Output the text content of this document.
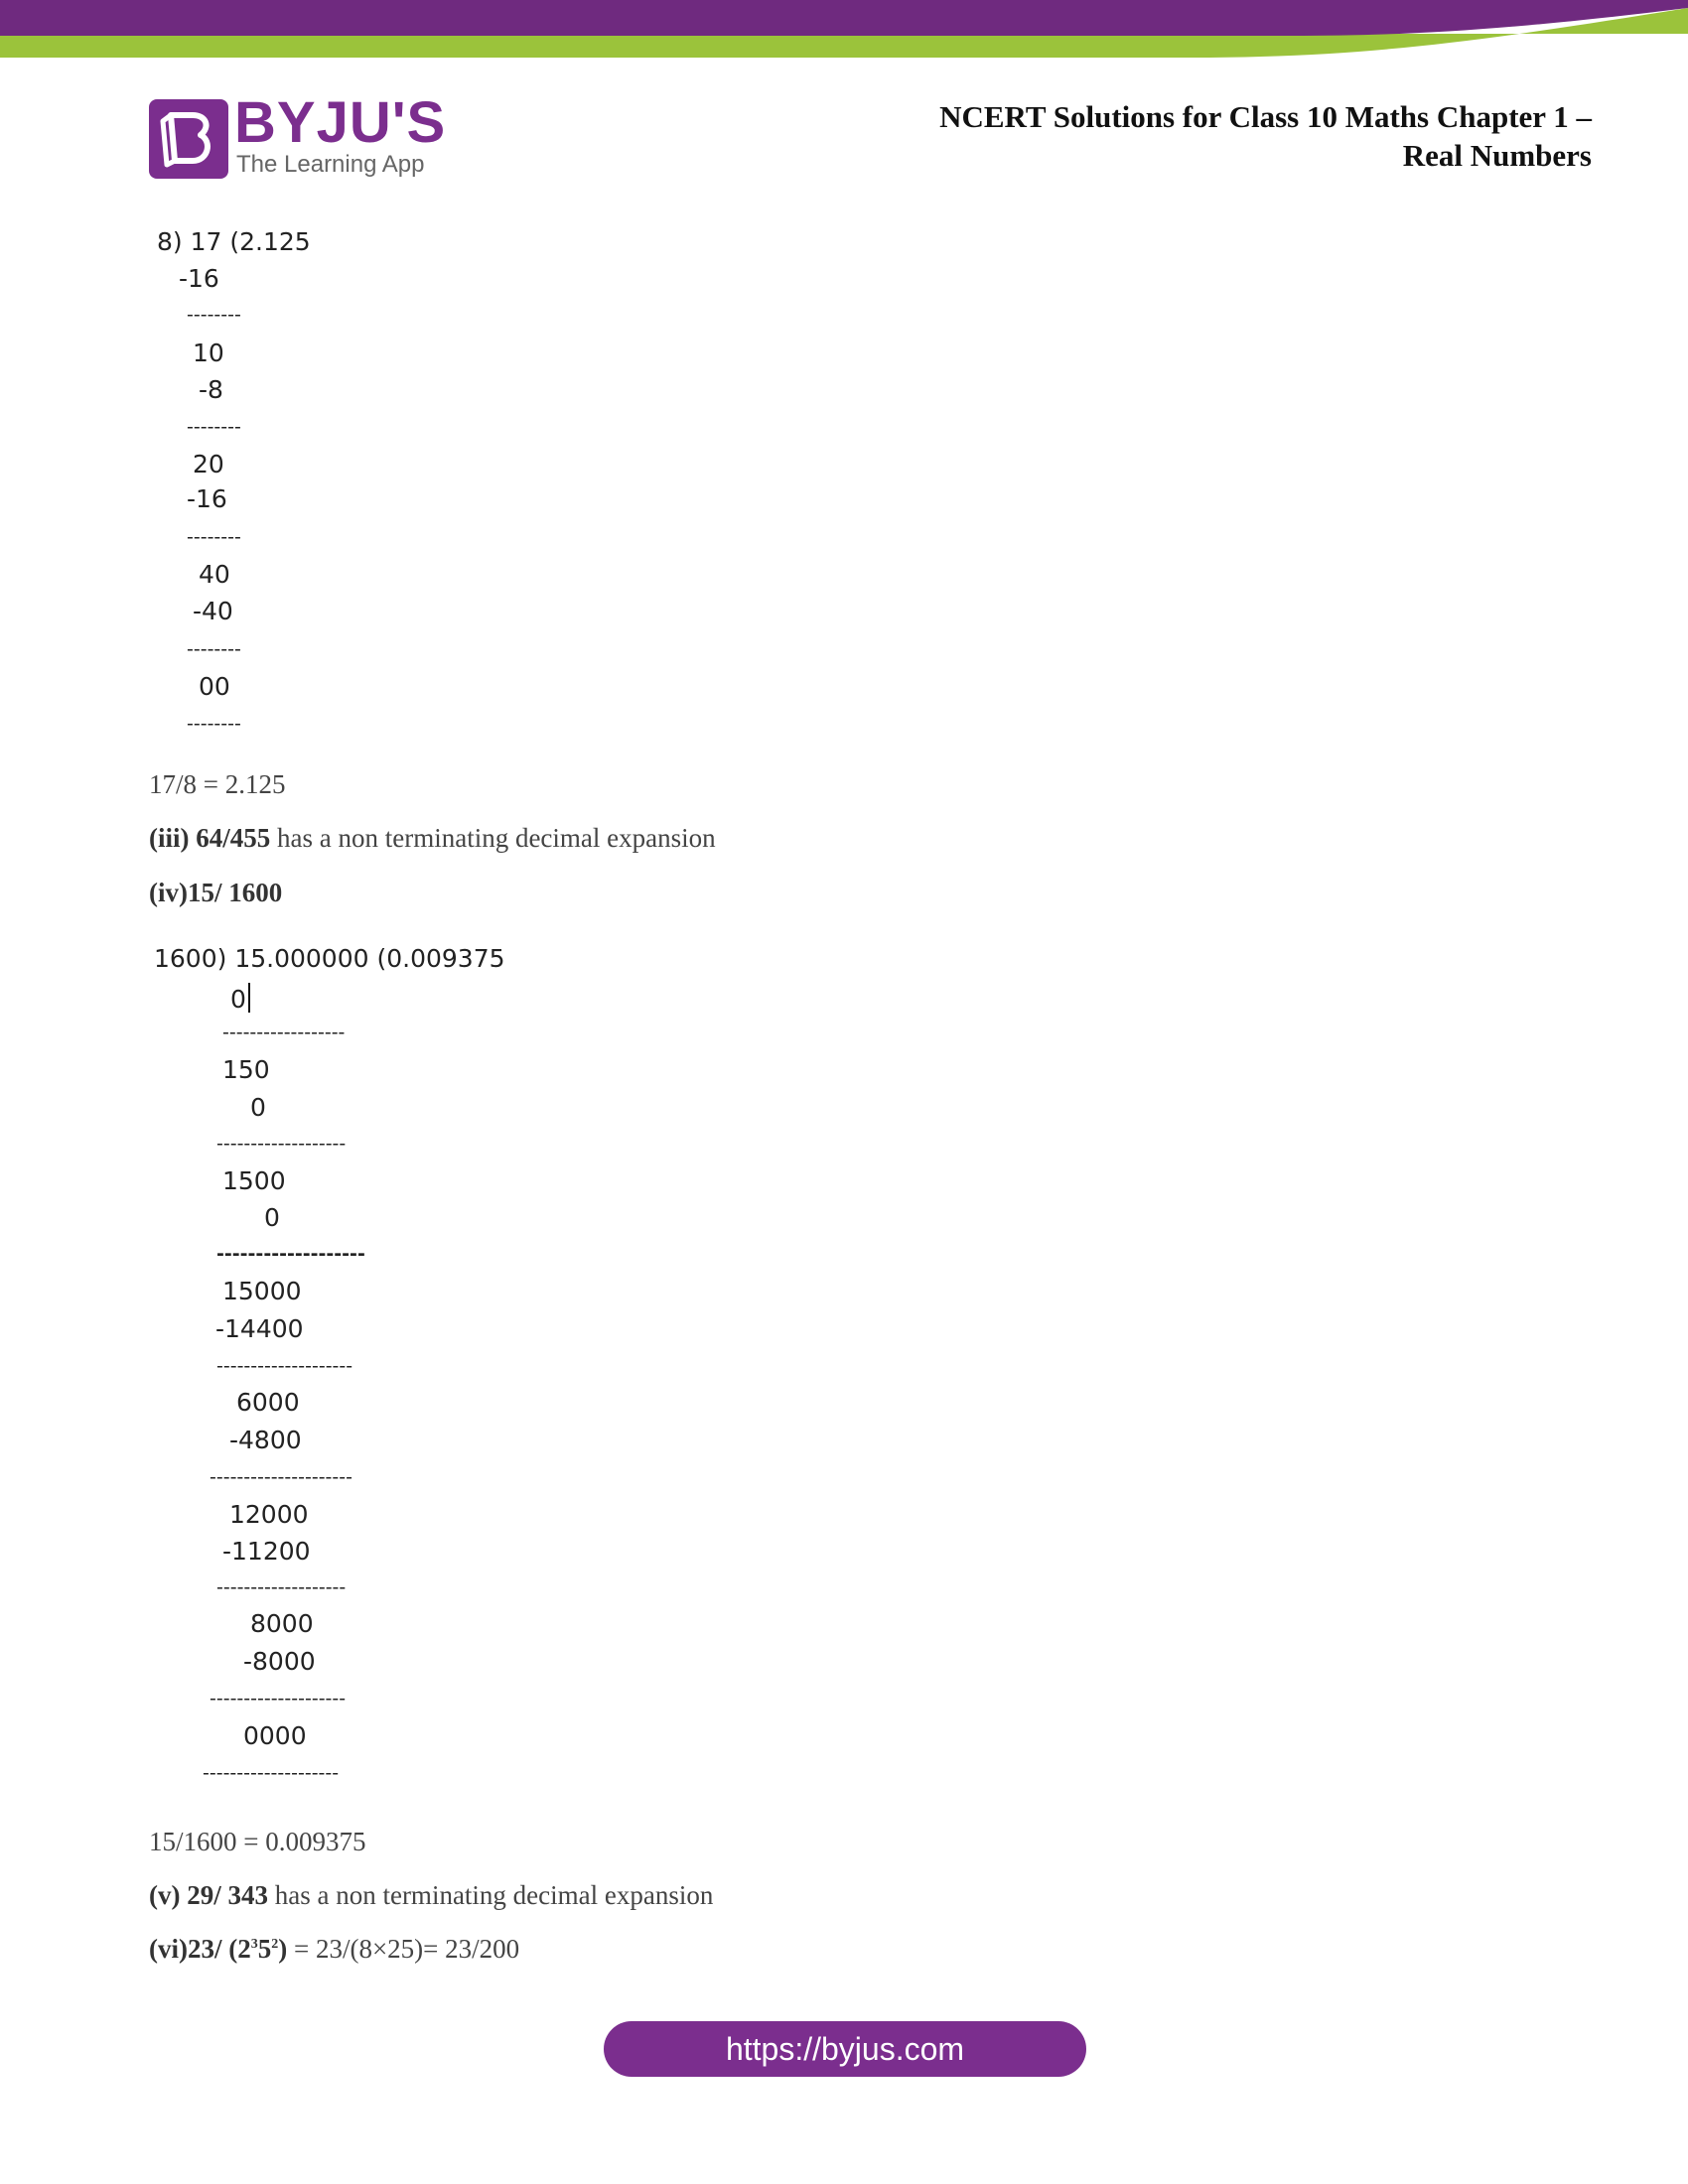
BYJU'S
The Learning App
NCERT Solutions for Class 10 Maths Chapter 1 –
Real Numbers
8) 17 (2.125
-16
--------
10
-8
--------
20
-16
--------
40
-40
--------
00
--------
17/8 = 2.125
(iii) 64/455 has a non terminating decimal expansion
(iv)15/ 1600
1600) 15.000000 (0.009375
0
------------------
150
0
-------------------
1500
0
-------------------
15000
-14400
--------------------
6000
-4800
---------------------
12000
-11200
-------------------
8000
-8000
--------------------
0000
--------------------
15/1600 = 0.009375
(v) 29/ 343 has a non terminating decimal expansion
(vi)23/ $(2^35^2) = 23/(8\times 25)= 23/200$
https://byjus.com
